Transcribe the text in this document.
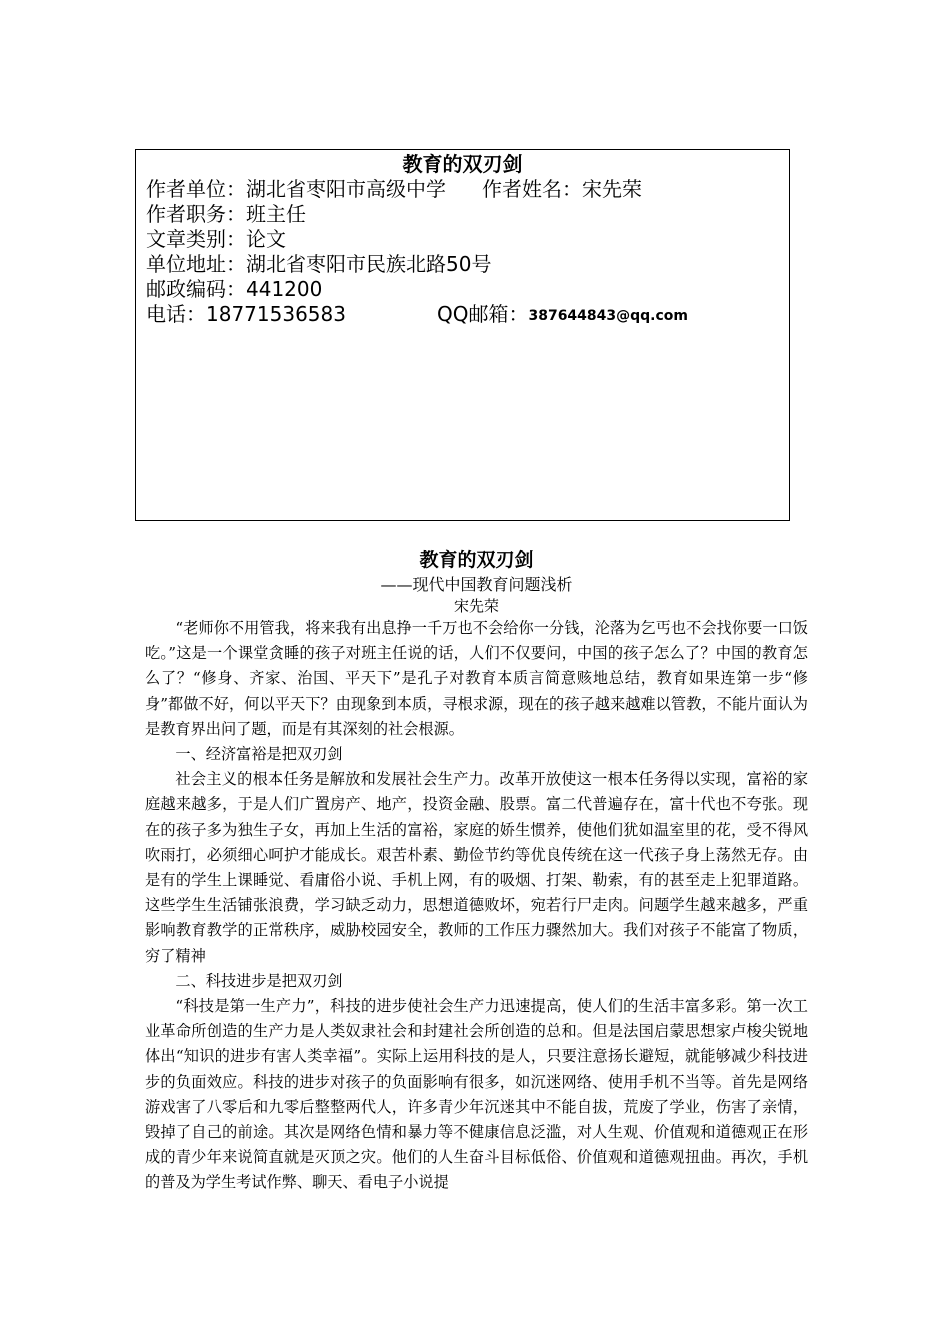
教育的双刃剑
作者单位：湖北省枣阳市高级中学 作者姓名：宋先荣
作者职务：班主任
文章类别：论文
单位地址：湖北省枣阳市民族北路50号
邮政编码：441200
电话：18771536583	QQ邮箱：387644843@qq.com
教育的双刃剑
——现代中国教育问题浅析
宋先荣

“老师你不用管我，将来我有出息挣一千万也不会给你一分钱，沦落为乞丐也不会找你要一口饭吃。”这是一个课堂贪睡的孩子对班主任说的话，人们不仅要问，中国的孩子怎么了？中国的教育怎么了？“修身、齐家、治国、平天下”是孔子对教育本质言简意赅地总结，教育如果连第一步“修身”都做不好，何以平天下？由现象到本质，寻根求源，现在的孩子越来越难以管教，不能片面认为是教育界出问了题，而是有其深刻的社会根源。

一、经济富裕是把双刃剑

社会主义的根本任务是解放和发展社会生产力。改革开放使这一根本任务得以实现，富裕的家庭越来越多，于是人们广置房产、地产，投资金融、股票。富二代普遍存在，富十代也不夸张。现在的孩子多为独生子女，再加上生活的富裕，家庭的娇生惯养，使他们犹如温室里的花，受不得风吹雨打，必须细心呵护才能成长。艰苦朴素、勤俭节约等优良传统在这一代孩子身上荡然无存。由是有的学生上课睡觉、看庸俗小说、手机上网，有的吸烟、打架、勒索，有的甚至走上犯罪道路。这些学生生活铺张浪费，学习缺乏动力，思想道德败坏，宛若行尸走肉。问题学生越来越多，严重影响教育教学的正常秩序，威胁校园安全，教师的工作压力骤然加大。我们对孩子不能富了物质，穷了精神

二、科技进步是把双刃剑

“科技是第一生产力”，科技的进步使社会生产力迅速提高，使人们的生活丰富多彩。第一次工业革命所创造的生产力是人类奴隶社会和封建社会所创造的总和。但是法国启蒙思想家卢梭尖锐地体出“知识的进步有害人类幸福”。实际上运用科技的是人，只要注意扬长避短，就能够减少科技进步的负面效应。科技的进步对孩子的负面影响有很多，如沉迷网络、使用手机不当等。首先是网络游戏害了八零后和九零后整整两代人，许多青少年沉迷其中不能自拔，荒废了学业，伤害了亲情，毁掉了自己的前途。其次是网络色情和暴力等不健康信息泛滥，对人生观、价值观和道德观正在形成的青少年来说简直就是灭顶之灾。他们的人生奋斗目标低俗、价值观和道德观扭曲。再次，手机的普及为学生考试作弊、聊天、看电子小说提
